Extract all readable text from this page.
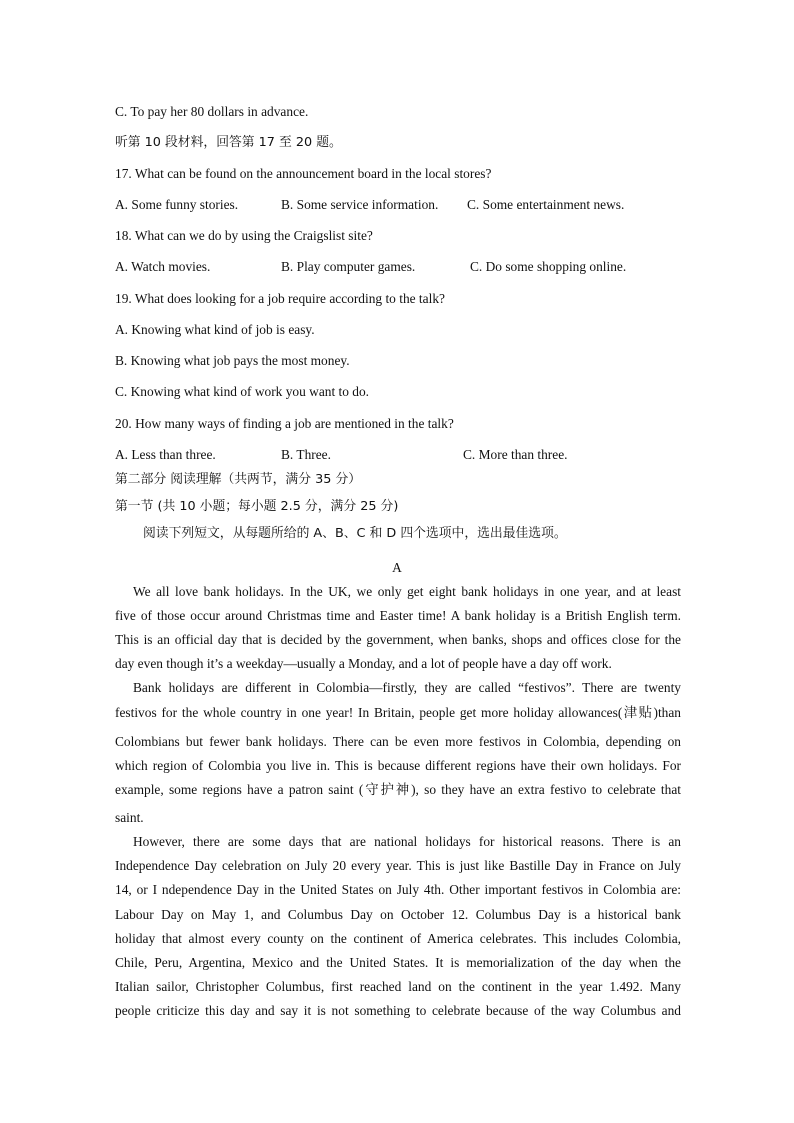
C. To pay her 80 dollars in advance.
听第 10 段材料，回答第 17 至 20 题。
17. What can be found on the announcement board in the local stores?
A. Some funny stories.	B. Some service information. C. Some entertainment news.
18. What can we do by using the Craigslist site?
A. Watch movies.	B. Play computer games.	C. Do some shopping online.
19. What does looking for a job require according to the talk?
A. Knowing what kind of job is easy.
B. Knowing what job pays the most money.
C. Knowing what kind of work you want to do.
20. How many ways of finding a job are mentioned in the talk?
A. Less than three.	B. Three.	C. More than three.
第二部分 阅读理解（共两节，满分 35 分）
第一节 (共 10 小题；每小题 2.5 分，满分 25 分)
阅读下列短文，从每题所给的 A、B、C 和 D 四个选项中，选出最佳选项。
A
We all love bank holidays. In the UK, we only get eight bank holidays in one year, and at least
five of those occur around Christmas time and Easter time! A bank holiday is a British English term.
This is an official day that is decided by the government, when banks, shops and offices close for the
day even though it’s a weekday—usually a Monday, and a lot of people have a day off work.
Bank holidays are different in Colombia—firstly, they are called “festivos”. There are twenty
festivos for the whole country in one year! In Britain, people get more holiday allowances(津贴)than
Colombians but fewer bank holidays. There can be even more festivos in Colombia, depending on
which region of Colombia you live in. This is because different regions have their own holidays. For
example, some regions have a patron saint (守护神), so they have an extra festivo to celebrate that
saint.
However, there are some days that are national holidays for historical reasons. There is an
Independence Day celebration on July 20 every year. This is just like Bastille Day in France on July
14, or I ndependence Day in the United States on July 4th. Other important festivos in Colombia are:
Labour Day on May 1, and Columbus Day on October 12. Columbus Day is a historical bank
holiday that almost every county on the continent of America celebrates. This includes Colombia,
Chile, Peru, Argentina, Mexico and the United States. It is memorialization of the day when the
Italian sailor, Christopher Columbus, first reached land on the continent in the year 1.492. Many
people criticize this day and say it is not something to celebrate because of the way Columbus and
